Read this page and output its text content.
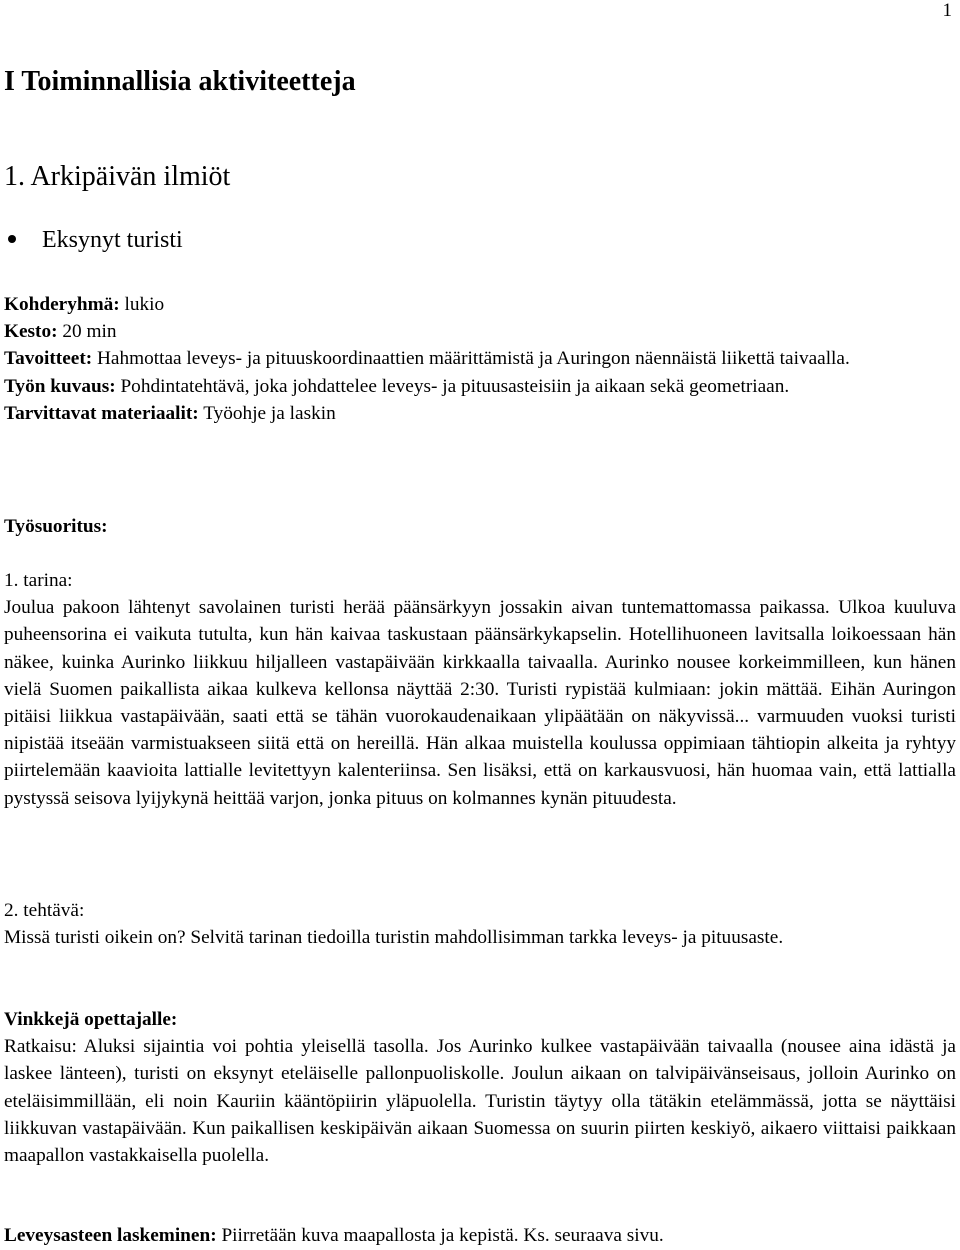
1
I Toiminnallisia aktiviteetteja
1. Arkipäivän ilmiöt
Eksynyt turisti

Kohderyhmä: lukio

Kesto: 20 min

Tavoitteet: Hahmottaa leveys- ja pituuskoordinaattien määrittämistä ja Auringon näennäistä liikettä taivaalla.

Työn kuvaus: Pohdintatehtävä, joka johdattelee leveys- ja pituusasteisiin ja aikaan sekä geometriaan.

Tarvittavat materiaalit: Työohje ja laskin

Työsuoritus:

1. tarina:

Joulua pakoon lähtenyt savolainen turisti herää päänsärkyyn jossakin aivan tuntemattomassa paikassa. Ulkoa kuuluva puheensorina ei vaikuta tutulta, kun hän kaivaa taskustaan päänsärkykapselin. Hotellihuoneen lavitsalla loikoessaan hän näkee, kuinka Aurinko liikkuu hiljalleen vastapäivään kirkkaalla taivaalla. Aurinko nousee korkeimmilleen, kun hänen vielä Suomen paikallista aikaa kulkeva kellonsa näyttää 2:30. Turisti rypistää kulmiaan: jokin mättää. Eihän Auringon pitäisi liikkua vastapäivään, saati että se tähän vuorokaudenaikaan ylipäätään on näkyvissä... varmuuden vuoksi turisti nipistää itseään varmistuakseen siitä että on hereillä. Hän alkaa muistella koulussa oppimiaan tähtiopin alkeita ja ryhtyy piirtelemään kaavioita lattialle levitettyyn kalenteriinsa. Sen lisäksi, että on karkausvuosi, hän huomaa vain, että lattialla pystyssä seisova lyijykynä heittää varjon, jonka pituus on kolmannes kynän pituudesta.

2. tehtävä:

Missä turisti oikein on? Selvitä tarinan tiedoilla turistin mahdollisimman tarkka leveys- ja pituusaste.

Vinkkejä opettajalle:

Ratkaisu: Aluksi sijaintia voi pohtia yleisellä tasolla. Jos Aurinko kulkee vastapäivään taivaalla (nousee aina idästä ja laskee länteen), turisti on eksynyt eteläiselle pallonpuoliskolle. Joulun aikaan on talvipäivänseisaus, jolloin Aurinko on eteläisimmillään, eli noin Kauriin kääntöpiirin yläpuolella. Turistin täytyy olla tätäkin etelämmässä, jotta se näyttäisi liikkuvan vastapäivään. Kun paikallisen keskipäivän aikaan Suomessa on suurin piirten keskiyö, aikaero viittaisi paikkaan maapallon vastakkaisella puolella.

Leveysasteen laskeminen: Piirretään kuva maapallosta ja kepistä. Ks. seuraava sivu.
